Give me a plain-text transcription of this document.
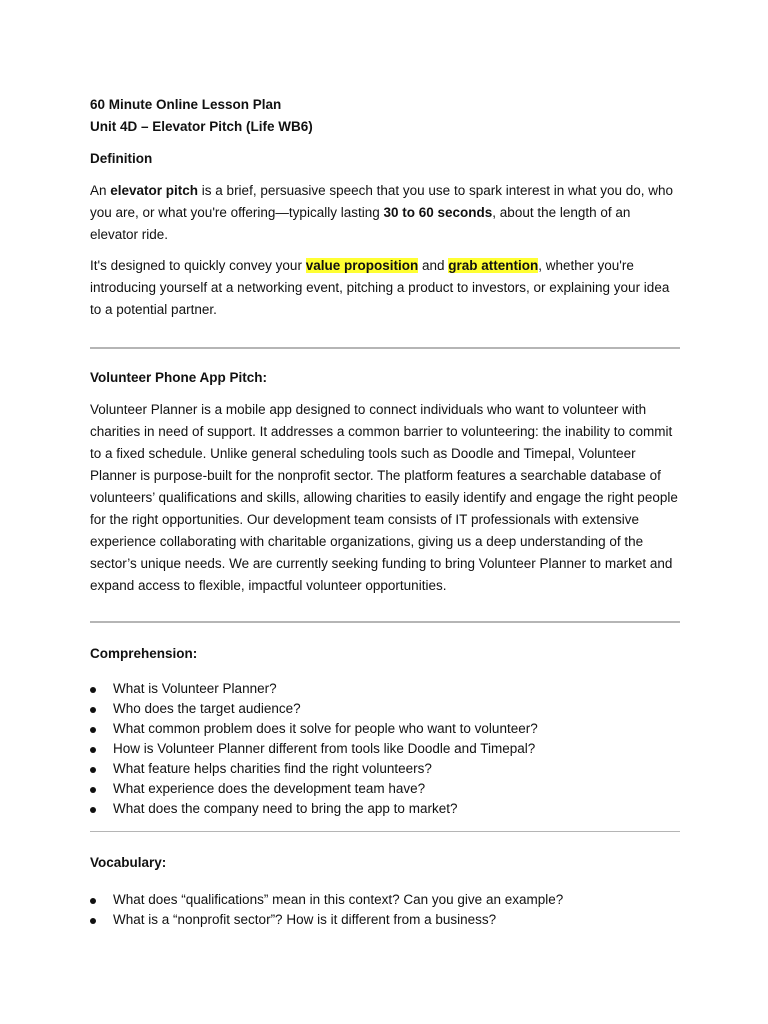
60 Minute Online Lesson Plan

Unit 4D – Elevator Pitch (Life WB6)

Definition

An elevator pitch is a brief, persuasive speech that you use to spark interest in what you do, who you are, or what you're offering—typically lasting 30 to 60 seconds, about the length of an elevator ride.

It's designed to quickly convey your value proposition and grab attention, whether you're introducing yourself at a networking event, pitching a product to investors, or explaining your idea to a potential partner.

Volunteer Phone App Pitch:

Volunteer Planner is a mobile app designed to connect individuals who want to volunteer with charities in need of support. It addresses a common barrier to volunteering: the inability to commit to a fixed schedule. Unlike general scheduling tools such as Doodle and Timepal, Volunteer Planner is purpose-built for the nonprofit sector. The platform features a searchable database of volunteers’ qualifications and skills, allowing charities to easily identify and engage the right people for the right opportunities. Our development team consists of IT professionals with extensive experience collaborating with charitable organizations, giving us a deep understanding of the sector’s unique needs. We are currently seeking funding to bring Volunteer Planner to market and expand access to flexible, impactful volunteer opportunities.

Comprehension:

What is Volunteer Planner?
Who does the target audience?
What common problem does it solve for people who want to volunteer?
How is Volunteer Planner different from tools like Doodle and Timepal?
What feature helps charities find the right volunteers?
What experience does the development team have?
What does the company need to bring the app to market?

Vocabulary:

What does “qualifications” mean in this context? Can you give an example?
What is a “nonprofit sector”? How is it different from a business?
